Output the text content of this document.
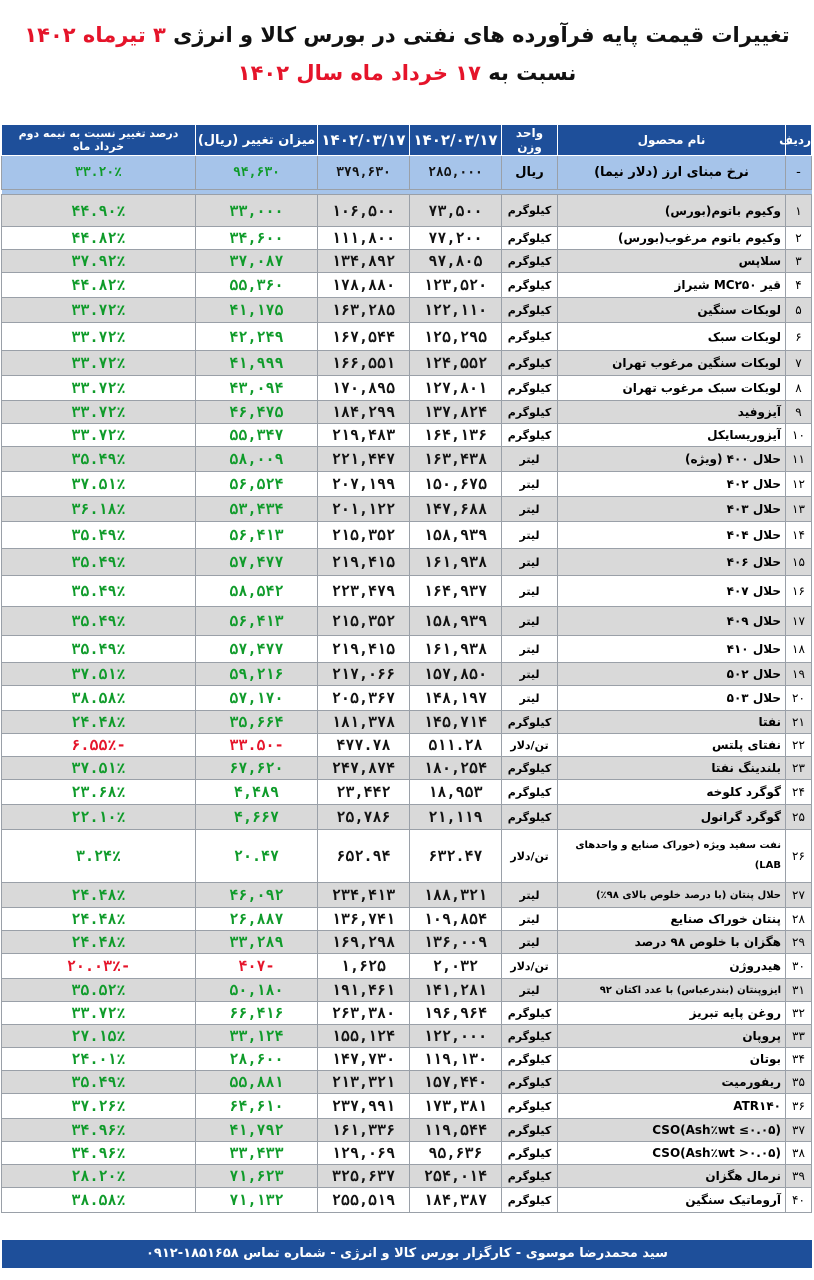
تغییرات قیمت پایه فرآورده های نفتی در بورس کالا و انرژی ۳ تیرماه ۱۴۰۲
نسبت به ۱۷ خرداد ماه سال ۱۴۰۲
ردیف	نام محصول	واحد وزن	۱۴۰۲/۰۳/۱۷	۱۴۰۲/۰۳/۱۷	میزان تغییر (ریال)	درصد تغییر نسبت به نیمه دوم خرداد ماه
-	نرخ مبنای ارز (دلار نیما)	ریال	۲۸۵,۰۰۰	۳۷۹,۶۳۰	۹۴,۶۳۰	۳۳.۲۰٪

۱	وکیوم باتوم(بورس)	کیلوگرم	۷۳,۵۰۰	۱۰۶,۵۰۰	۳۳,۰۰۰	۴۴.۹۰٪
۲	وکیوم باتوم مرغوب(بورس)	کیلوگرم	۷۷,۲۰۰	۱۱۱,۸۰۰	۳۴,۶۰۰	۴۴.۸۲٪
۳	سلاپس	کیلوگرم	۹۷,۸۰۵	۱۳۴,۸۹۲	۳۷,۰۸۷	۳۷.۹۲٪
۴	قیر MC۲۵۰ شیراز	کیلوگرم	۱۲۳,۵۲۰	۱۷۸,۸۸۰	۵۵,۳۶۰	۴۴.۸۲٪
۵	لوبکات سنگین	کیلوگرم	۱۲۲,۱۱۰	۱۶۳,۲۸۵	۴۱,۱۷۵	۳۳.۷۲٪
۶	لوبکات سبک	کیلوگرم	۱۲۵,۲۹۵	۱۶۷,۵۴۴	۴۲,۲۴۹	۳۳.۷۲٪
۷	لوبکات سنگین مرغوب تهران	کیلوگرم	۱۲۴,۵۵۲	۱۶۶,۵۵۱	۴۱,۹۹۹	۳۳.۷۲٪
۸	لوبکات سبک مرغوب تهران	کیلوگرم	۱۲۷,۸۰۱	۱۷۰,۸۹۵	۴۳,۰۹۴	۳۳.۷۲٪
۹	آیزوفید	کیلوگرم	۱۳۷,۸۲۴	۱۸۴,۲۹۹	۴۶,۴۷۵	۳۳.۷۲٪
۱۰	آیزوریسایکل	کیلوگرم	۱۶۴,۱۳۶	۲۱۹,۴۸۳	۵۵,۳۴۷	۳۳.۷۲٪
۱۱	حلال ۴۰۰ (ویژه)	لیتر	۱۶۳,۴۳۸	۲۲۱,۴۴۷	۵۸,۰۰۹	۳۵.۴۹٪
۱۲	حلال ۴۰۲	لیتر	۱۵۰,۶۷۵	۲۰۷,۱۹۹	۵۶,۵۲۴	۳۷.۵۱٪
۱۳	حلال ۴۰۳	لیتر	۱۴۷,۶۸۸	۲۰۱,۱۲۲	۵۳,۴۳۴	۳۶.۱۸٪
۱۴	حلال ۴۰۴	لیتر	۱۵۸,۹۳۹	۲۱۵,۳۵۲	۵۶,۴۱۳	۳۵.۴۹٪
۱۵	حلال ۴۰۶	لیتر	۱۶۱,۹۳۸	۲۱۹,۴۱۵	۵۷,۴۷۷	۳۵.۴۹٪
۱۶	حلال ۴۰۷	لیتر	۱۶۴,۹۳۷	۲۲۳,۴۷۹	۵۸,۵۴۲	۳۵.۴۹٪
۱۷	حلال ۴۰۹	لیتر	۱۵۸,۹۳۹	۲۱۵,۳۵۲	۵۶,۴۱۳	۳۵.۴۹٪
۱۸	حلال ۴۱۰	لیتر	۱۶۱,۹۳۸	۲۱۹,۴۱۵	۵۷,۴۷۷	۳۵.۴۹٪
۱۹	حلال ۵۰۲	لیتر	۱۵۷,۸۵۰	۲۱۷,۰۶۶	۵۹,۲۱۶	۳۷.۵۱٪
۲۰	حلال ۵۰۳	لیتر	۱۴۸,۱۹۷	۲۰۵,۳۶۷	۵۷,۱۷۰	۳۸.۵۸٪
۲۱	نفتا	کیلوگرم	۱۴۵,۷۱۴	۱۸۱,۳۷۸	۳۵,۶۶۴	۲۴.۴۸٪
۲۲	نفتای پلتس	تن/دلار	۵۱۱.۲۸	۴۷۷.۷۸	-۳۳.۵۰	-۶.۵۵٪
۲۳	بلندینگ نفتا	کیلوگرم	۱۸۰,۲۵۴	۲۴۷,۸۷۴	۶۷,۶۲۰	۳۷.۵۱٪
۲۴	گوگرد کلوخه	کیلوگرم	۱۸,۹۵۳	۲۳,۴۴۲	۴,۴۸۹	۲۳.۶۸٪
۲۵	گوگرد گرانول	کیلوگرم	۲۱,۱۱۹	۲۵,۷۸۶	۴,۶۶۷	۲۲.۱۰٪
۲۶	نفت سفید ویژه (خوراک صنایع و واحدهای LAB)	تن/دلار	۶۳۲.۴۷	۶۵۲.۹۴	۲۰.۴۷	۳.۲۴٪
۲۷	حلال پنتان (با درصد خلوص بالای ۹۸٪)	لیتر	۱۸۸,۳۲۱	۲۳۴,۴۱۳	۴۶,۰۹۲	۲۴.۴۸٪
۲۸	پنتان خوراک صنایع	لیتر	۱۰۹,۸۵۴	۱۳۶,۷۴۱	۲۶,۸۸۷	۲۴.۴۸٪
۲۹	هگزان با خلوص ۹۸ درصد	لیتر	۱۳۶,۰۰۹	۱۶۹,۲۹۸	۳۳,۲۸۹	۲۴.۴۸٪
۳۰	هیدروژن	تن/دلار	۲,۰۳۲	۱,۶۲۵	-۴۰۷	-۲۰.۰۳٪
۳۱	ایزوپنتان (بندرعباس) با عدد اکتان ۹۲	لیتر	۱۴۱,۲۸۱	۱۹۱,۴۶۱	۵۰,۱۸۰	۳۵.۵۲٪
۳۲	روغن پایه تبریز	کیلوگرم	۱۹۶,۹۶۴	۲۶۳,۳۸۰	۶۶,۴۱۶	۳۳.۷۲٪
۳۳	پروپان	کیلوگرم	۱۲۲,۰۰۰	۱۵۵,۱۲۴	۳۳,۱۲۴	۲۷.۱۵٪
۳۴	بوتان	کیلوگرم	۱۱۹,۱۳۰	۱۴۷,۷۳۰	۲۸,۶۰۰	۲۴.۰۱٪
۳۵	ریفورمیت	کیلوگرم	۱۵۷,۴۴۰	۲۱۳,۳۲۱	۵۵,۸۸۱	۳۵.۴۹٪
۳۶	ATR۱۴۰	کیلوگرم	۱۷۳,۳۸۱	۲۳۷,۹۹۱	۶۴,۶۱۰	۳۷.۲۶٪
۳۷	CSO(Ash٪wt ≤۰.۰۵)	کیلوگرم	۱۱۹,۵۴۴	۱۶۱,۳۳۶	۴۱,۷۹۲	۳۴.۹۶٪
۳۸	CSO(Ash٪wt >۰.۰۵)	کیلوگرم	۹۵,۶۳۶	۱۲۹,۰۶۹	۳۳,۴۳۳	۳۴.۹۶٪
۳۹	نرمال هگزان	کیلوگرم	۲۵۴,۰۱۴	۳۲۵,۶۳۷	۷۱,۶۲۳	۲۸.۲۰٪
۴۰	آروماتیک سنگین	کیلوگرم	۱۸۴,۳۸۷	۲۵۵,۵۱۹	۷۱,۱۳۲	۳۸.۵۸٪
سید محمدرضا موسوی - کارگزار بورس کالا و انرژی - شماره تماس ۱۸۵۱۶۵۸-۰۹۱۲
